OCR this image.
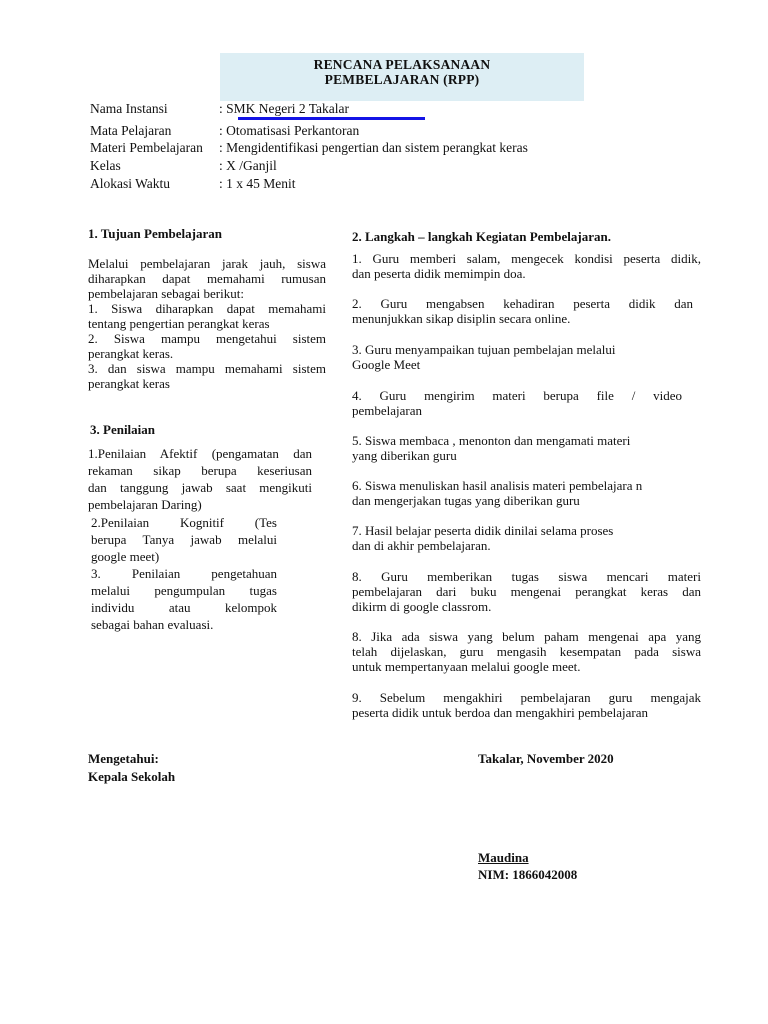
RENCANA PELAKSANAAN
PEMBELAJARAN (RPP)
Nama Instansi	: SMK Negeri 2 Takalar
Mata Pelajaran	: Otomatisasi Perkantoran
Materi Pembelajaran : Mengidentifikasi pengertian dan sistem perangkat keras
Kelas	: X /Ganjil
Alokasi Waktu	: 1 x 45 Menit
1. Tujuan Pembelajaran
Melalui pembelajaran jarak jauh, siswa
diharapkan dapat memahami rumusan
pembelajaran sebagai berikut:
1. Siswa diharapkan dapat memahami
tentang pengertian perangkat keras
2. Siswa mampu mengetahui sistem
perangkat keras.
3. dan siswa mampu memahami sistem
perangkat keras
3. Penilaian
1.Penilaian Afektif (pengamatan dan
rekaman sikap berupa keseriusan
dan tanggung jawab saat mengikuti
pembelajaran Daring)
2.Penilaian Kognitif (Tes
berupa Tanya jawab melalui
google meet)
3. Penilaian pengetahuan
melalui pengumpulan tugas
individu atau kelompok
sebagai bahan evaluasi.
2. Langkah – langkah Kegiatan Pembelajaran.
1. Guru memberi salam, mengecek kondisi peserta didik,
dan peserta didik memimpin doa.
2. Guru mengabsen kehadiran peserta didik dan
menunjukkan sikap disiplin secara online.
3. Guru menyampaikan tujuan pembelajan melalui
Google Meet
4. Guru mengirim materi berupa file / video
pembelajaran
5. Siswa membaca , menonton dan mengamati materi
yang diberikan guru
6. Siswa menuliskan hasil analisis materi pembelajara n
dan mengerjakan tugas yang diberikan guru
7. Hasil belajar peserta didik dinilai selama proses
dan di akhir pembelajaran.
8. Guru memberikan tugas siswa mencari materi
pembelajaran dari buku mengenai perangkat keras dan
dikirm di google classrom.
8. Jika ada siswa yang belum paham mengenai apa yang
telah dijelaskan, guru mengasih kesempatan pada siswa
untuk mempertanyaan melalui google meet.
9. Sebelum mengakhiri pembelajaran guru mengajak
peserta didik untuk berdoa dan mengakhiri pembelajaran
Mengetahui:
Kepala Sekolah
Takalar, November 2020
Maudina
NIM: 1866042008
